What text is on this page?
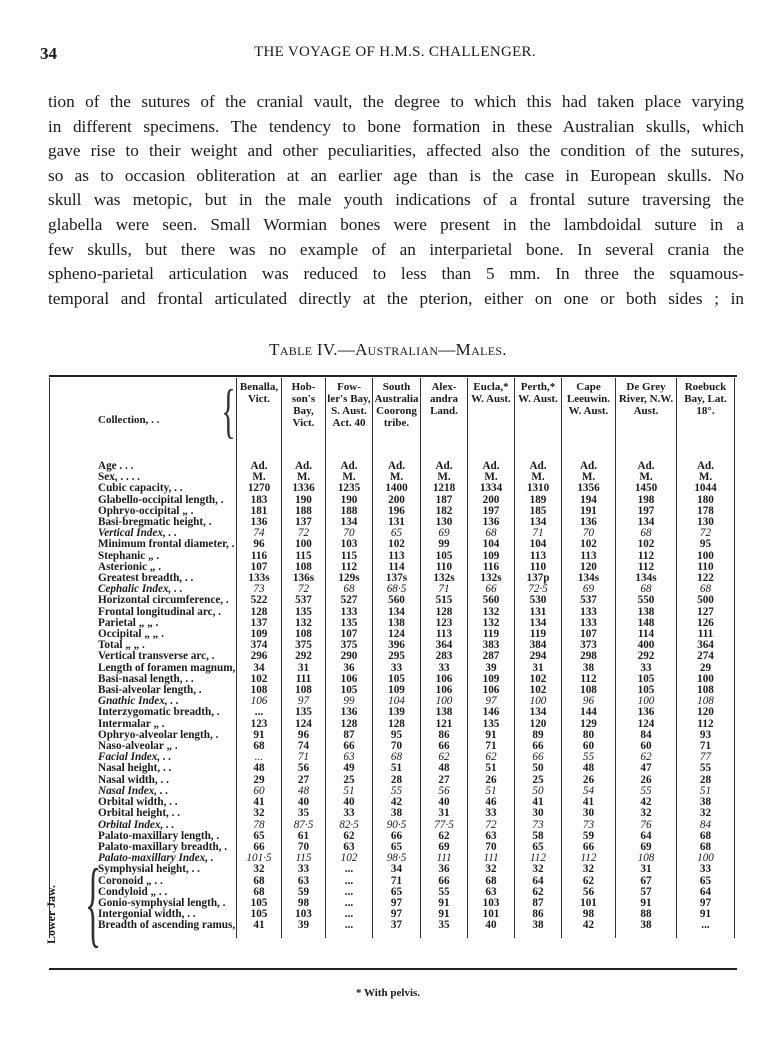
34	THE VOYAGE OF H.M.S. CHALLENGER.

tion of the sutures of the cranial vault, the degree to which this had taken place varying

in different specimens. The tendency to bone formation in these Australian skulls, which

gave rise to their weight and other peculiarities, affected also the condition of the sutures,

so as to occasion obliteration at an earlier age than is the case in European skulls. No

skull was metopic, but in the male youth indications of a frontal suture traversing the

glabella were seen. Small Wormian bones were present in the lambdoidal suture in a

few skulls, but there was no example of an interparietal bone. In several crania the

spheno-parietal articulation was reduced to less than 5 mm. In three the squamous-

temporal and frontal articulated directly at the pterion, either on one or both sides ; in

Table IV.—Australian—Males.
Collection, . .	Benalla, Vict.	Hob- son's Bay, Vict.	Fow- ler's Bay, S. Aust. Act. 40	South Australia Coorong tribe.	Alex- andra Land.	Eucla,* W. Aust.	Perth,* W. Aust.	Cape Leeuwin. W. Aust.	De Grey River, N.W. Aust.	Roebuck Bay, Lat. 18°.
Age . . .	Ad.	Ad.	Ad.	Ad.	Ad.	Ad.	Ad.	Ad.	Ad.	Ad.
Sex, . . . .	M.	M.	M.	M.	M.	M.	M.	M.	M.	M.
Cubic capacity, . .	1270	1336	1235	1400	1218	1334	1310	1356	1450	1044
Glabello-occipital length, .	183	190	190	200	187	200	189	194	198	180
Ophryo-occipital „ .	181	188	188	196	182	197	185	191	197	178
Basi-bregmatic height, .	136	137	134	131	130	136	134	136	134	130
Vertical Index, . .	74	72	70	65	69	68	71	70	68	72
Minimum frontal diameter, .	96	100	103	102	99	104	104	102	102	95
Stephanic „ .	116	115	115	113	105	109	113	113	112	100
Asterionic „ .	107	108	112	114	110	116	110	120	112	110
Greatest breadth, . .	133s	136s	129s	137s	132s	132s	137p	134s	134s	122
Cephalic Index, . .	73	72	68	68·5	71	66	72·5	69	68	68
Horizontal circumference, .	522	537	527	560	515	560	530	537	550	500
Frontal longitudinal arc, .	128	135	133	134	128	132	131	133	138	127
Parietal „ „ .	137	132	135	138	123	132	134	133	148	126
Occipital „ „ .	109	108	107	124	113	119	119	107	114	111
Total „ „ .	374	375	375	396	364	383	384	373	400	364
Vertical transverse arc, .	296	292	290	295	283	287	294	298	292	274
Length of foramen magnum,	34	31	36	33	33	39	31	38	33	29
Basi-nasal length, . .	102	111	106	105	106	109	102	112	105	100
Basi-alveolar length, .	108	108	105	109	106	106	102	108	105	108
Gnathic Index, . .	106	97	99	104	100	97	100	96	100	108
Interzygomatic breadth, .	...	135	136	139	138	146	134	144	136	120
Intermalar „ .	123	124	128	128	121	135	120	129	124	112
Ophryo-alveolar length, .	91	96	87	95	86	91	89	80	84	93
Naso-alveolar „ .	68	74	66	70	66	71	66	60	60	71
Facial Index, . .	...	71	63	68	62	62	66	55	62	77
Nasal height, . .	48	56	49	51	48	51	50	48	47	55
Nasal width, . .	29	27	25	28	27	26	25	26	26	28
Nasal Index, . .	60	48	51	55	56	51	50	54	55	51
Orbital width, . .	41	40	40	42	40	46	41	41	42	38
Orbital height, . .	32	35	33	38	31	33	30	30	32	32
Orbital Index, . .	78	87·5	82·5	90·5	77·5	72	73	73	76	84
Palato-maxillary length, .	65	61	62	66	62	63	58	59	64	68
Palato-maxillary breadth, .	66	70	63	65	69	70	65	66	69	68
Palato-maxillary Index, .	101·5	115	102	98·5	111	111	112	112	108	100
Symphysial height, . .	32	33	...	34	36	32	32	32	31	33
Coronoid „ . .	68	63	...	71	66	68	64	62	67	65
Condyloid „ . .	68	59	...	65	55	63	62	56	57	64
Gonio-symphysial length, .	105	98	...	97	91	103	87	101	91	97
Intergonial width, . .	105	103	...	97	91	101	86	98	88	91
Breadth of ascending ramus,	41	39	...	37	35	40	38	42	38	...

{
{
Lower Jaw.
* With pelvis.
